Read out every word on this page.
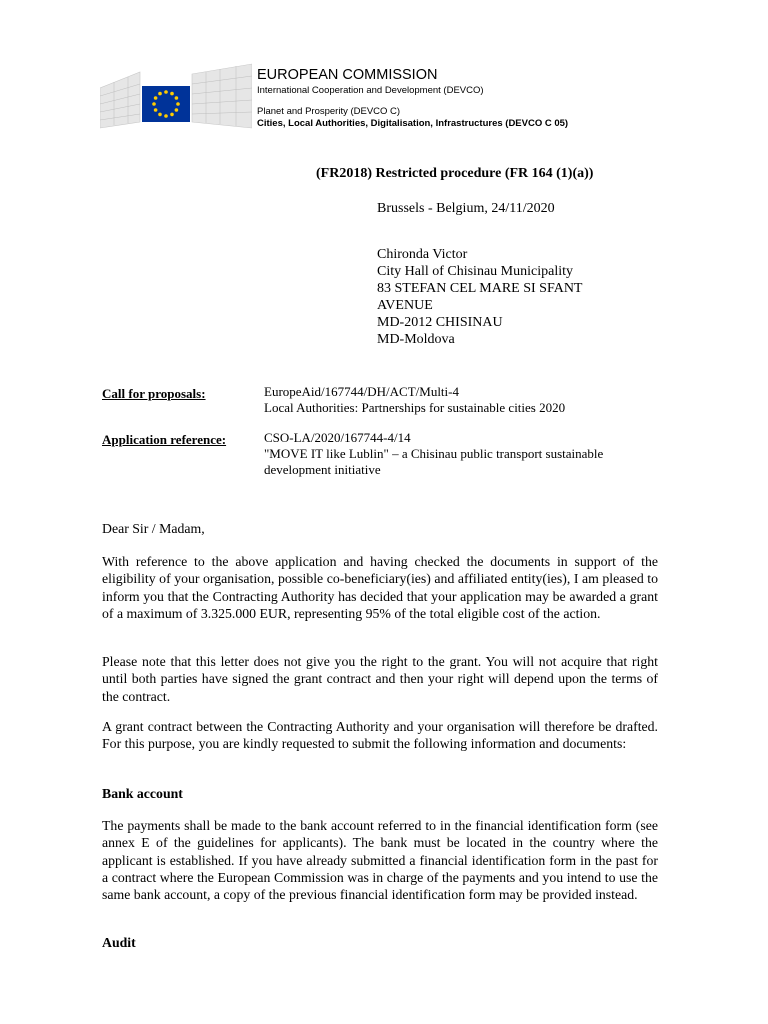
EUROPEAN COMMISSION
International Cooperation and Development (DEVCO)
Planet and Prosperity (DEVCO C)
Cities, Local Authorities, Digitalisation, Infrastructures (DEVCO C 05)
(FR2018) Restricted procedure (FR 164 (1)(a))
Brussels - Belgium, 24/11/2020
Chironda Victor
City Hall of Chisinau Municipality
83 STEFAN CEL MARE SI SFANT
AVENUE
MD-2012 CHISINAU
MD-Moldova
Call for proposals:	EuropeAid/167744/DH/ACT/Multi-4
Local Authorities: Partnerships for sustainable cities 2020
Application reference:	CSO-LA/2020/167744-4/14
"MOVE IT like Lublin" – a Chisinau public transport sustainable development initiative
Dear Sir / Madam,
With reference to the above application and having checked the documents in support of the eligibility of your organisation, possible co-beneficiary(ies) and affiliated entity(ies), I am pleased to inform you that the Contracting Authority has decided that your application may be awarded a grant of a maximum of 3.325.000 EUR, representing 95% of the total eligible cost of the action.
Please note that this letter does not give you the right to the grant. You will not acquire that right until both parties have signed the grant contract and then your right will depend upon the terms of the contract.
A grant contract between the Contracting Authority and your organisation will therefore be drafted. For this purpose, you are kindly requested to submit the following information and documents:
Bank account
The payments shall be made to the bank account referred to in the financial identification form (see annex E of the guidelines for applicants). The bank must be located in the country where the applicant is established. If you have already submitted a financial identification form in the past for a contract where the European Commission was in charge of the payments and you intend to use the same bank account, a copy of the previous financial identification form may be provided instead.
Audit
